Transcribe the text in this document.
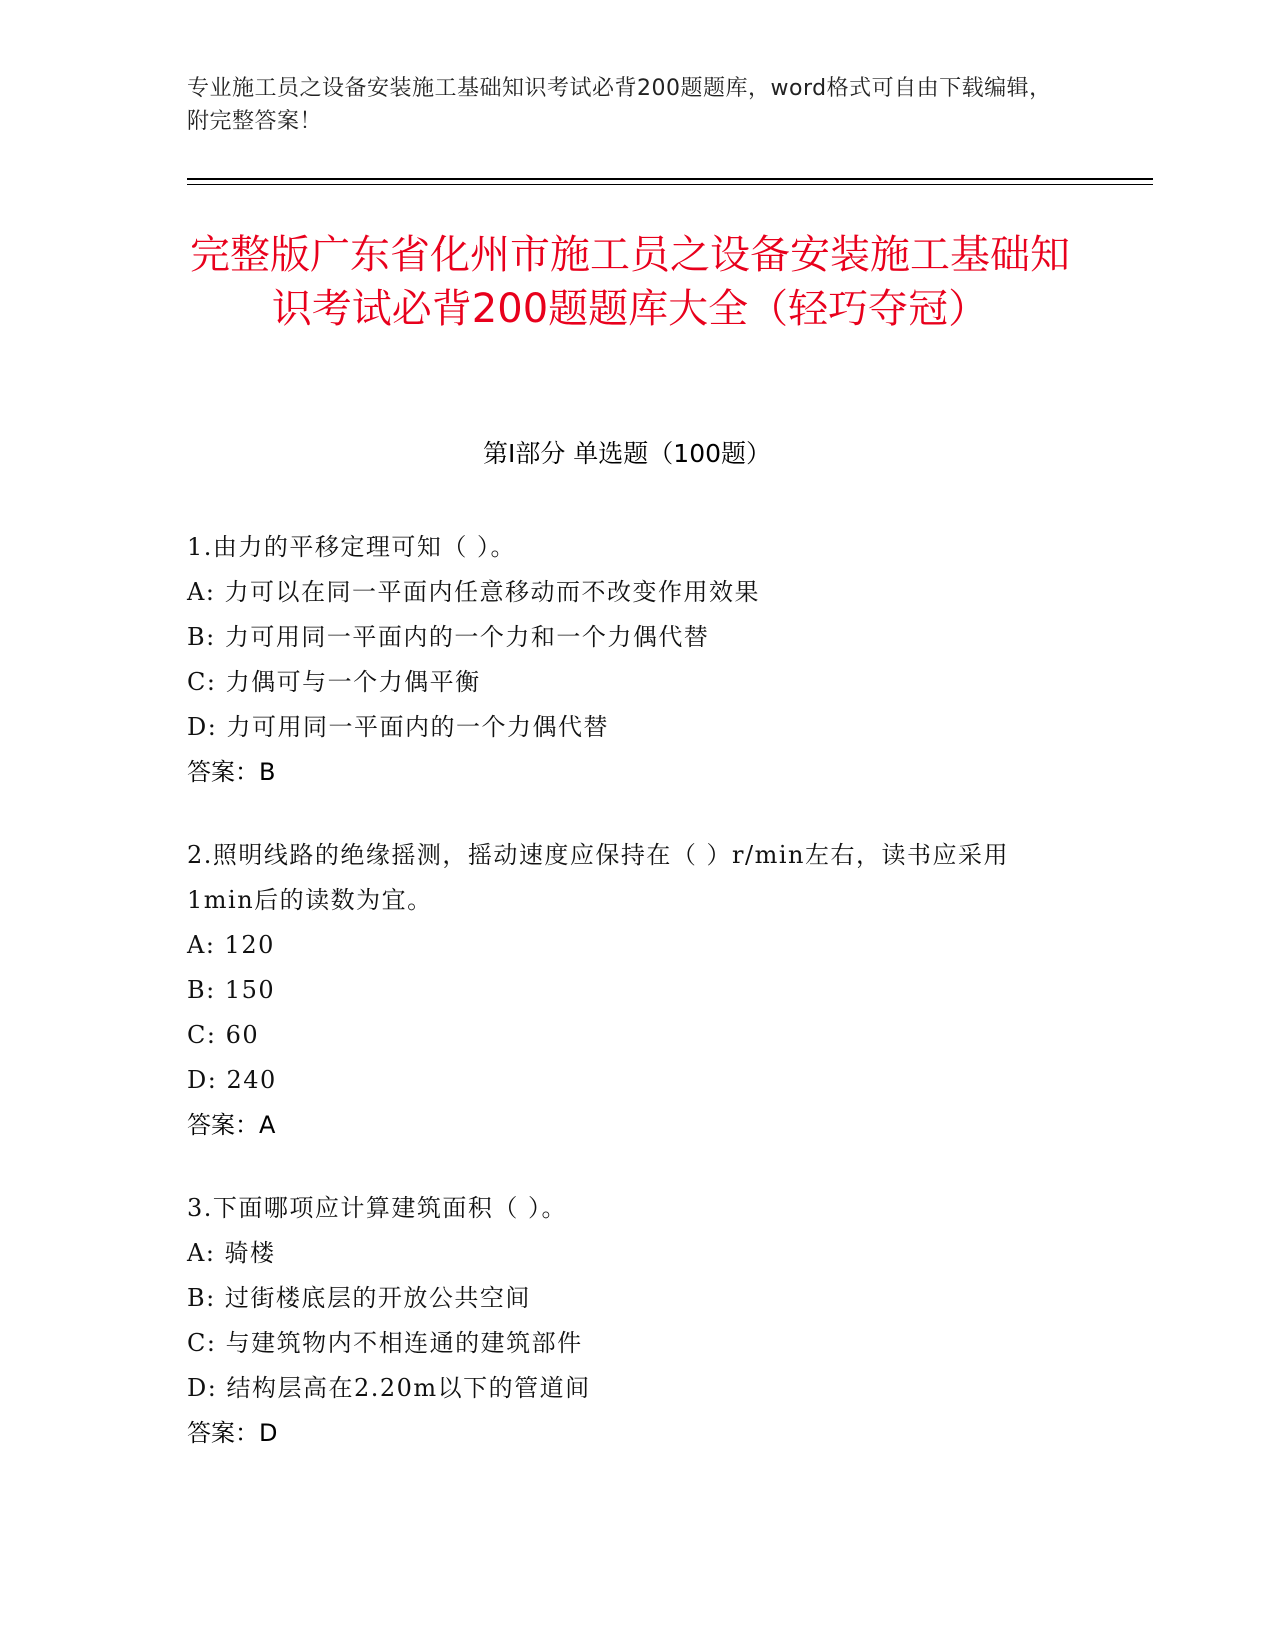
专业施工员之设备安装施工基础知识考试必背200题题库，word格式可自由下载编辑，附完整答案！
完整版广东省化州市施工员之设备安装施工基础知识考试必背200题题库大全（轻巧夺冠）
第I部分 单选题（100题）
1.由力的平移定理可知（ ）。
A: 力可以在同一平面内任意移动而不改变作用效果
B: 力可用同一平面内的一个力和一个力偶代替
C: 力偶可与一个力偶平衡
D: 力可用同一平面内的一个力偶代替
答案：B
2.照明线路的绝缘摇测，摇动速度应保持在（ ）r/min左右，读书应采用1min后的读数为宜。
A: 120
B: 150
C: 60
D: 240
答案：A
3.下面哪项应计算建筑面积（ ）。
A: 骑楼
B: 过街楼底层的开放公共空间
C: 与建筑物内不相连通的建筑部件
D: 结构层高在2.20m以下的管道间
答案：D
